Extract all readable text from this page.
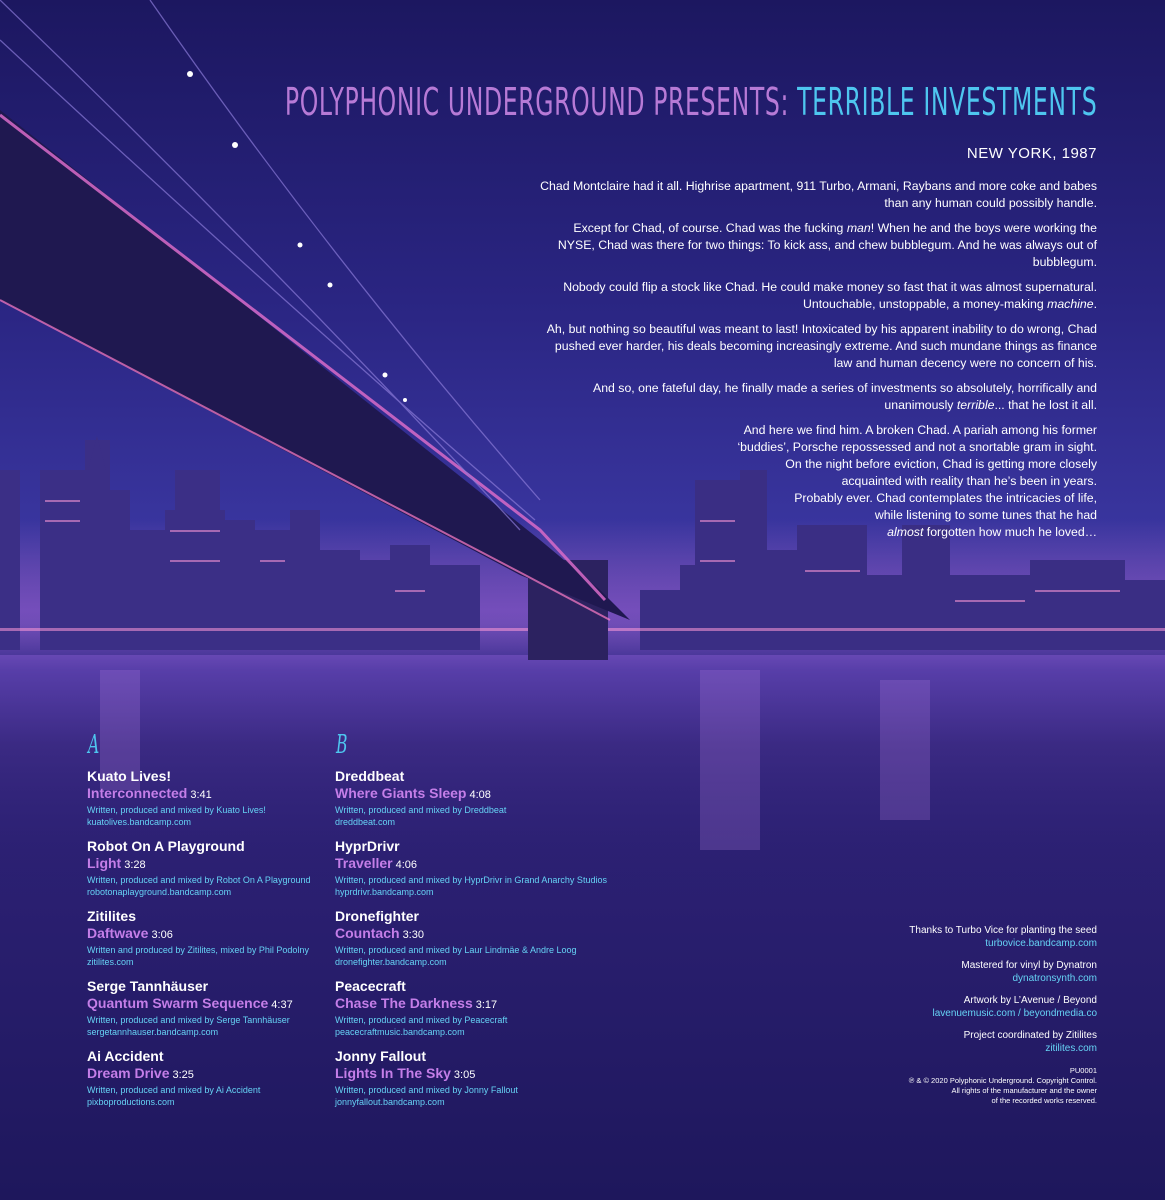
POLYPHONIC UNDERGROUND PRESENTS: TERRIBLE INVESTMENTS
NEW YORK, 1987

Chad Montclaire had it all. Highrise apartment, 911 Turbo, Armani, Raybans and more coke and babes than any human could possibly handle.

Except for Chad, of course. Chad was the fucking man! When he and the boys were working the NYSE, Chad was there for two things: To kick ass, and chew bubblegum. And he was always out of bubblegum.

Nobody could flip a stock like Chad. He could make money so fast that it was almost supernatural. Untouchable, unstoppable, a money-making machine.

Ah, but nothing so beautiful was meant to last! Intoxicated by his apparent inability to do wrong, Chad pushed ever harder, his deals becoming increasingly extreme. And such mundane things as finance law and human decency were no concern of his.

And so, one fateful day, he finally made a series of investments so absolutely, horrifically and unanimously terrible... that he lost it all.

And here we find him. A broken Chad. A pariah among his former
‘buddies’, Porsche repossessed and not a snortable gram in sight.
On the night before eviction, Chad is getting more closely
acquainted with reality than he’s been in years.
Probably ever. Chad contemplates the intricacies of life,
while listening to some tunes that he had
almost forgotten how much he loved…

A
Kuato Lives!
Interconnected 3:41
Written, produced and mixed by Kuato Lives!
kuatolives.bandcamp.com
Robot On A Playground
Light 3:28
Written, produced and mixed by Robot On A Playground
robotonaplayground.bandcamp.com
Zitilites
Daftwave 3:06
Written and produced by Zitilites, mixed by Phil Podolny
zitilites.com
Serge Tannhäuser
Quantum Swarm Sequence 4:37
Written, produced and mixed by Serge Tannhäuser
sergetannhauser.bandcamp.com
Ai Accident
Dream Drive 3:25
Written, produced and mixed by Ai Accident
pixboproductions.com
B
Dreddbeat
Where Giants Sleep 4:08
Written, produced and mixed by Dreddbeat
dreddbeat.com
HyprDrivr
Traveller 4:06
Written, produced and mixed by HyprDrivr in Grand Anarchy Studios
hyprdrivr.bandcamp.com
Dronefighter
Countach 3:30
Written, produced and mixed by Laur Lindmäe & Andre Loog
dronefighter.bandcamp.com
Peacecraft
Chase The Darkness 3:17
Written, produced and mixed by Peacecraft
peacecraftmusic.bandcamp.com
Jonny Fallout
Lights In The Sky 3:05
Written, produced and mixed by Jonny Fallout
jonnyfallout.bandcamp.com
Thanks to Turbo Vice for planting the seed
turbovice.bandcamp.com
Mastered for vinyl by Dynatron
dynatronsynth.com
Artwork by L’Avenue / Beyond
lavenuemusic.com / beyondmedia.co
Project coordinated by Zitilites
zitilites.com
PU0001
℗ & © 2020 Polyphonic Underground. Copyright Control.
All rights of the manufacturer and the owner
of the recorded works reserved.
